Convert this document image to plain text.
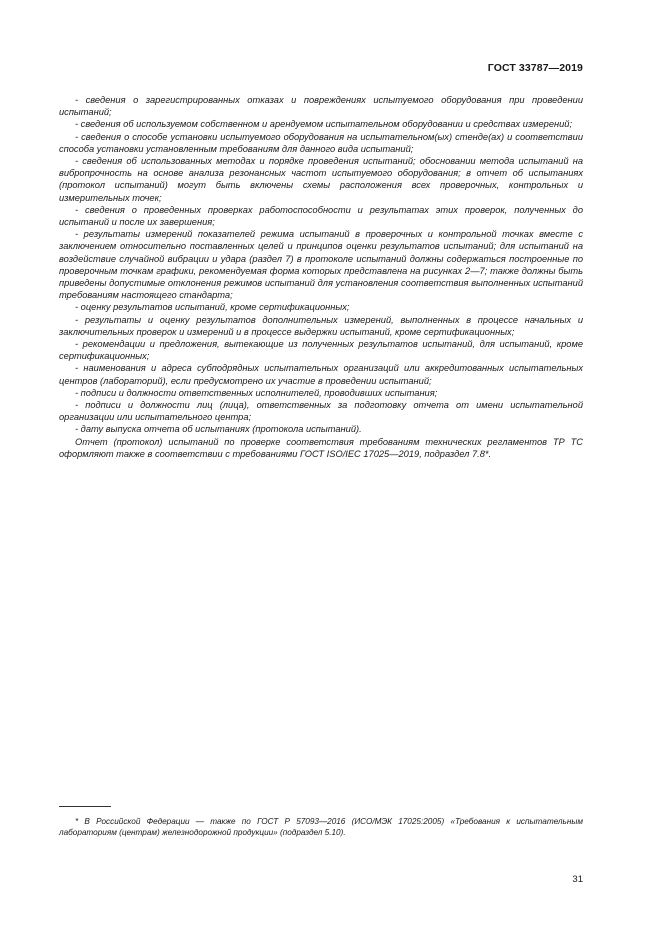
ГОСТ 33787—2019

- сведения о зарегистрированных отказах и повреждениях испытуемого оборудования при проведении испытаний;

- сведения об используемом собственном и арендуемом испытательном оборудовании и средствах измерений;

- сведения о способе установки испытуемого оборудования на испытательном(ых) стенде(ах) и соответствии способа установки установленным требованиям для данного вида испытаний;

- сведения об использованных методах и порядке проведения испытаний; обосновании метода испытаний на вибропрочность на основе анализа резонансных частот испытуемого оборудования; в отчет об испытаниях (протокол испытаний) могут быть включены схемы расположения всех проверочных, контрольных и измерительных точек;

- сведения о проведенных проверках работоспособности и результатах этих проверок, полученных до испытаний и после их завершения;

- результаты измерений показателей режима испытаний в проверочных и контрольной точках вместе с заключением относительно поставленных целей и принципов оценки результатов испытаний; для испытаний на воздействие случайной вибрации и удара (раздел 7) в протоколе испытаний должны содержаться построенные по проверочным точкам графики, рекомендуемая форма которых представлена на рисунках 2—7; также должны быть приведены допустимые отклонения режимов испытаний для установления соответствия выполненных испытаний требованиям настоящего стандарта;

- оценку результатов испытаний, кроме сертификационных;

- результаты и оценку результатов дополнительных измерений, выполненных в процессе начальных и заключительных проверок и измерений и в процессе выдержки испытаний, кроме сертификационных;

- рекомендации и предложения, вытекающие из полученных результатов испытаний, для испытаний, кроме сертификационных;

- наименования и адреса субподрядных испытательных организаций или аккредитованных испытательных центров (лабораторий), если предусмотрено их участие в проведении испытаний;

- подписи и должности ответственных исполнителей, проводивших испытания;

- подписи и должности лиц (лица), ответственных за подготовку отчета от имени испытательной организации или испытательного центра;

- дату выпуска отчета об испытаниях (протокола испытаний).

Отчет (протокол) испытаний по проверке соответствия требованиям технических регламентов ТР ТС оформляют также в соответствии с требованиями ГОСТ ISO/IEC 17025—2019, подраздел 7.8*.

* В Российской Федерации — также по ГОСТ Р 57093—2016 (ИСО/МЭК 17025:2005) «Требования к испытательным лабораториям (центрам) железнодорожной продукции» (подраздел 5.10).

31
